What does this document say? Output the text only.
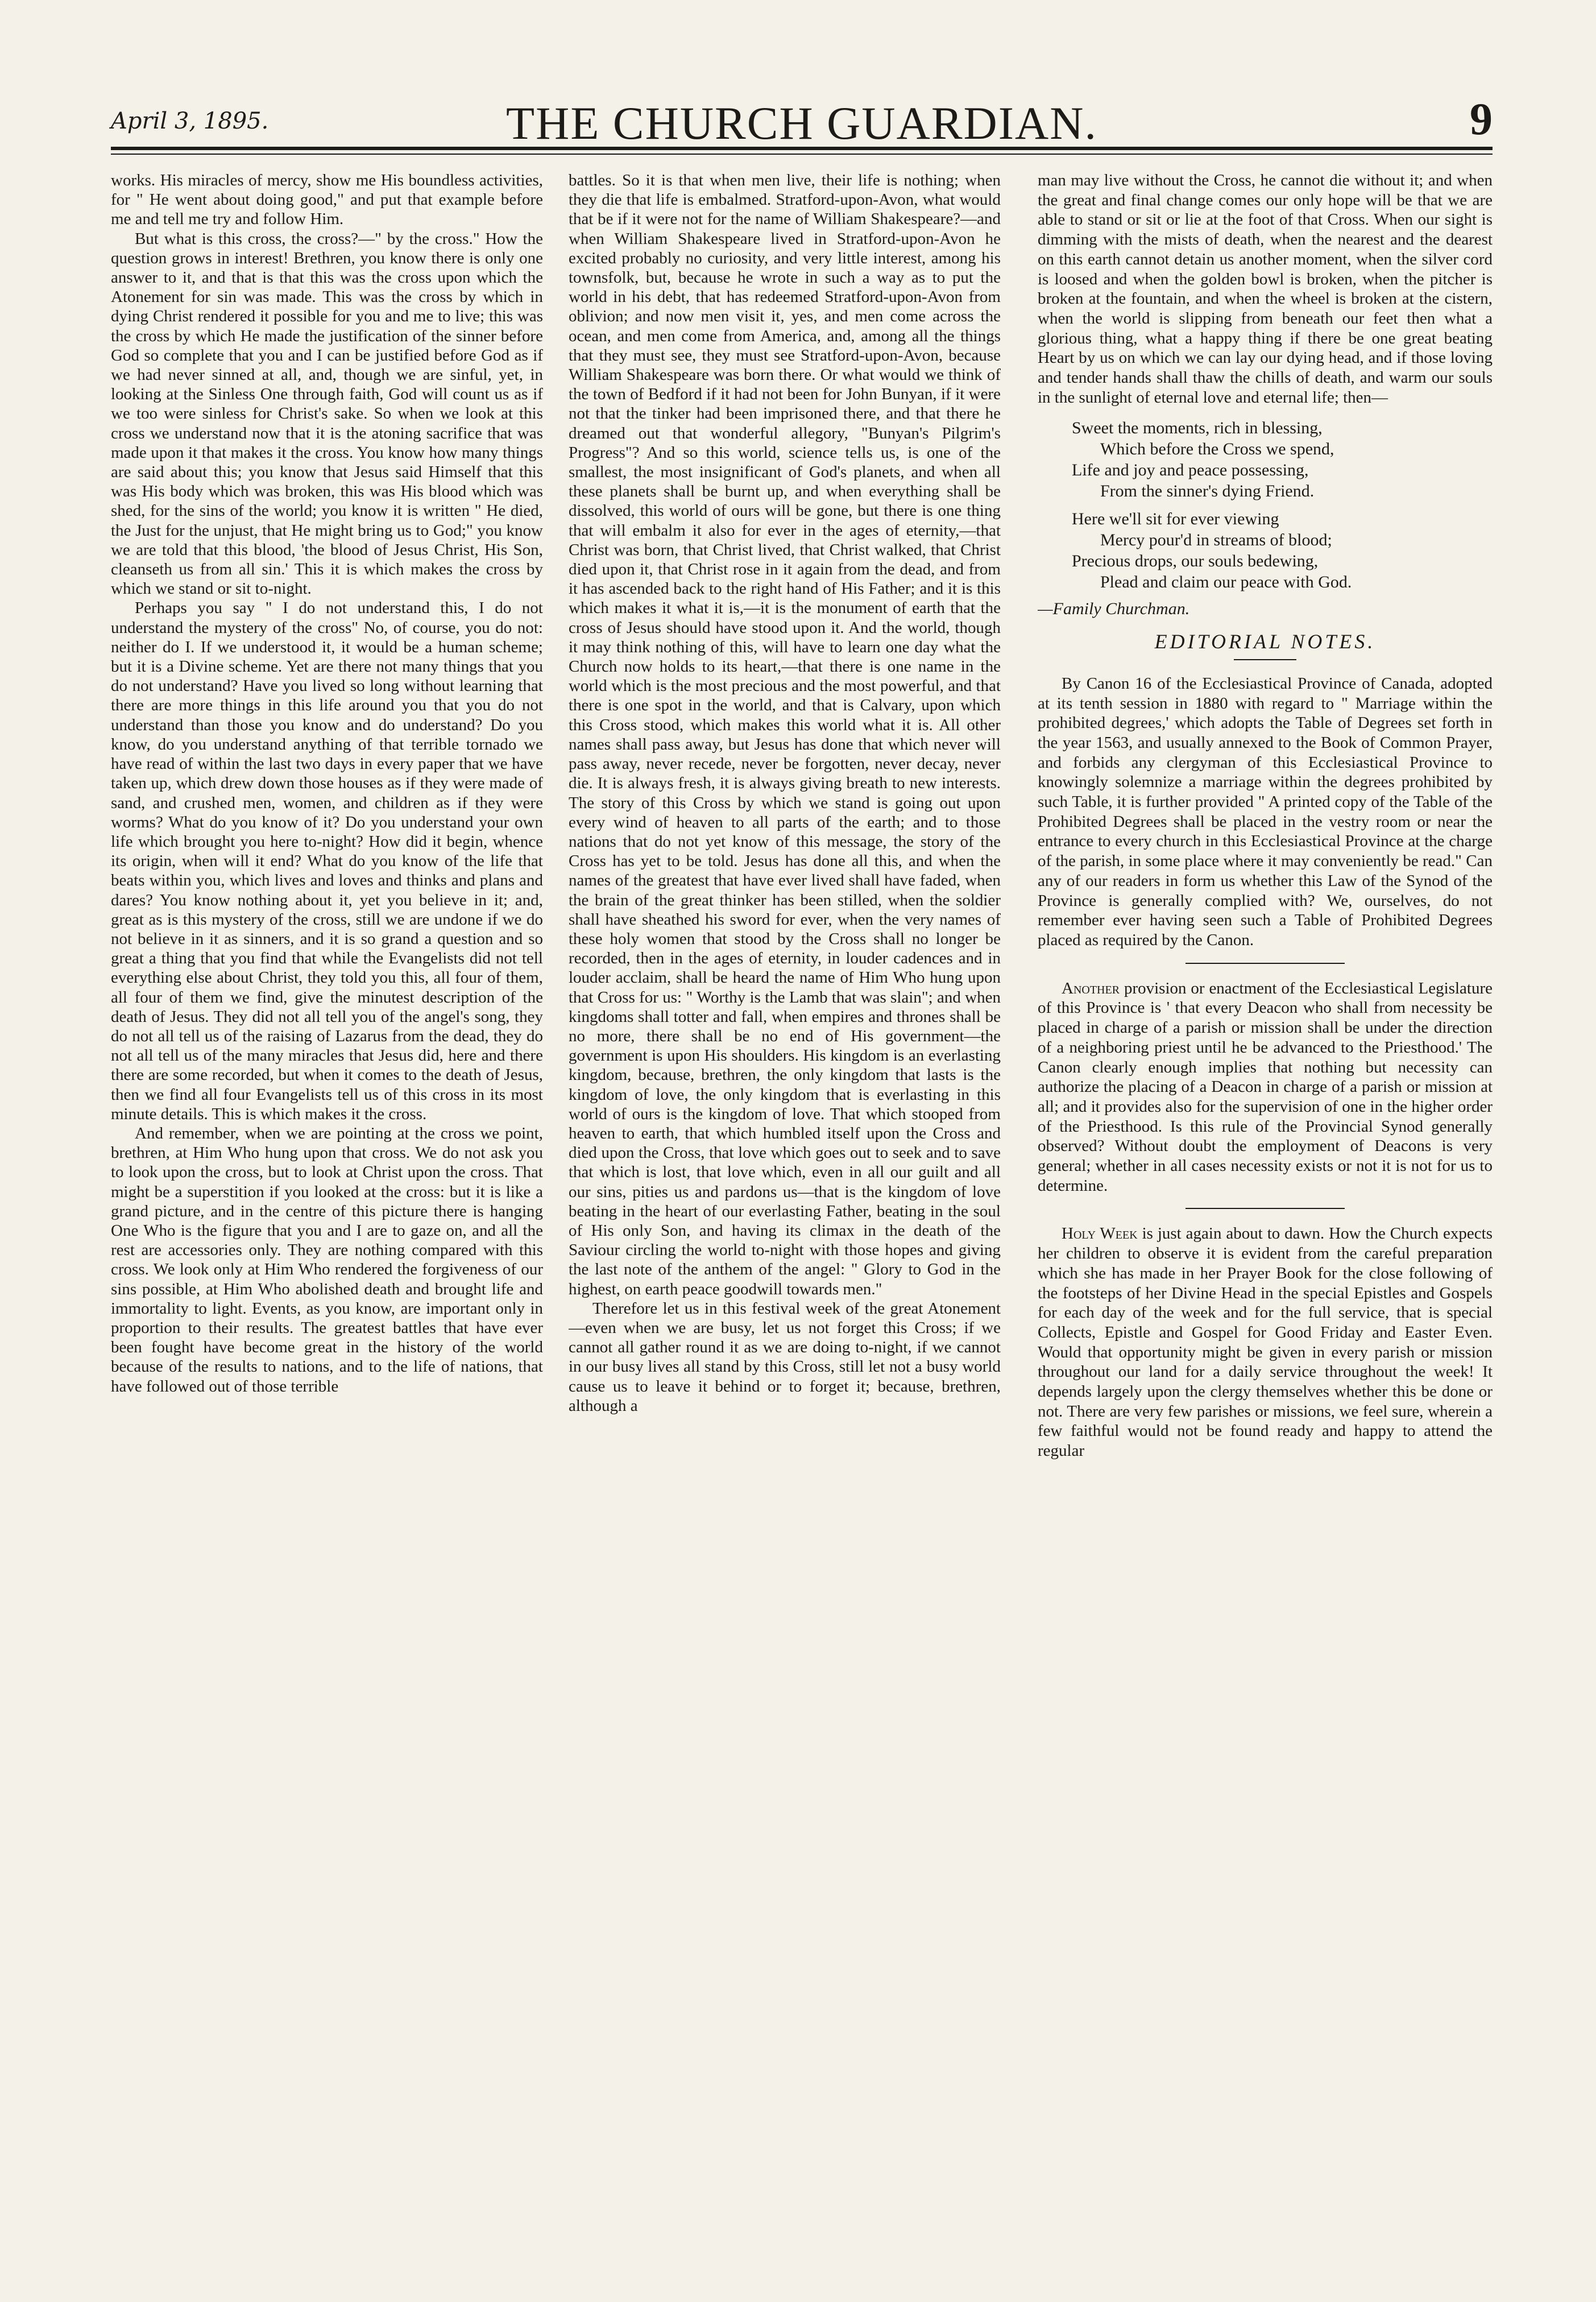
April 3, 1895.	THE CHURCH GUARDIAN.	9

works. His miracles of mercy, show me His boundless activities, for " He went about doing good," and put that example before me and tell me try and follow Him.

But what is this cross, the cross?—" by the cross." How the question grows in interest! Brethren, you know there is only one answer to it, and that is that this was the cross upon which the Atonement for sin was made. This was the cross by which in dying Christ rendered it possible for you and me to live; this was the cross by which He made the justification of the sinner before God so complete that you and I can be justified before God as if we had never sinned at all, and, though we are sinful, yet, in looking at the Sinless One through faith, God will count us as if we too were sinless for Christ's sake. So when we look at this cross we understand now that it is the atoning sacrifice that was made upon it that makes it the cross. You know how many things are said about this; you know that Jesus said Himself that this was His body which was broken, this was His blood which was shed, for the sins of the world; you know it is written " He died, the Just for the unjust, that He might bring us to God;" you know we are told that this blood, 'the blood of Jesus Christ, His Son, cleanseth us from all sin.' This it is which makes the cross by which we stand or sit to-night.

Perhaps you say " I do not understand this, I do not understand the mystery of the cross" No, of course, you do not: neither do I. If we understood it, it would be a human scheme; but it is a Divine scheme. Yet are there not many things that you do not understand? Have you lived so long without learning that there are more things in this life around you that you do not understand than those you know and do understand? Do you know, do you understand anything of that terrible tornado we have read of within the last two days in every paper that we have taken up, which drew down those houses as if they were made of sand, and crushed men, women, and children as if they were worms? What do you know of it? Do you understand your own life which brought you here to-night? How did it begin, whence its origin, when will it end? What do you know of the life that beats within you, which lives and loves and thinks and plans and dares? You know nothing about it, yet you believe in it; and, great as is this mystery of the cross, still we are undone if we do not believe in it as sinners, and it is so grand a question and so great a thing that you find that while the Evangelists did not tell everything else about Christ, they told you this, all four of them, all four of them we find, give the minutest description of the death of Jesus. They did not all tell you of the angel's song, they do not all tell us of the raising of Lazarus from the dead, they do not all tell us of the many miracles that Jesus did, here and there there are some recorded, but when it comes to the death of Jesus, then we find all four Evangelists tell us of this cross in its most minute details. This is which makes it the cross.

And remember, when we are pointing at the cross we point, brethren, at Him Who hung upon that cross. We do not ask you to look upon the cross, but to look at Christ upon the cross. That might be a superstition if you looked at the cross: but it is like a grand picture, and in the centre of this picture there is hanging One Who is the figure that you and I are to gaze on, and all the rest are accessories only. They are nothing compared with this cross. We look only at Him Who rendered the forgiveness of our sins possible, at Him Who abolished death and brought life and immortality to light. Events, as you know, are important only in proportion to their results. The greatest battles that have ever been fought have become great in the history of the world because of the results to nations, and to the life of nations, that have followed out of those terrible

battles. So it is that when men live, their life is nothing; when they die that life is embalmed. Stratford-upon-Avon, what would that be if it were not for the name of William Shakespeare?—and when William Shakespeare lived in Stratford-upon-Avon he excited probably no curiosity, and very little interest, among his townsfolk, but, because he wrote in such a way as to put the world in his debt, that has redeemed Stratford-upon-Avon from oblivion; and now men visit it, yes, and men come across the ocean, and men come from America, and, among all the things that they must see, they must see Stratford-upon-Avon, because William Shakespeare was born there. Or what would we think of the town of Bedford if it had not been for John Bunyan, if it were not that the tinker had been imprisoned there, and that there he dreamed out that wonderful allegory, "Bunyan's Pilgrim's Progress"? And so this world, science tells us, is one of the smallest, the most insignificant of God's planets, and when all these planets shall be burnt up, and when everything shall be dissolved, this world of ours will be gone, but there is one thing that will embalm it also for ever in the ages of eternity,—that Christ was born, that Christ lived, that Christ walked, that Christ died upon it, that Christ rose in it again from the dead, and from it has ascended back to the right hand of His Father; and it is this which makes it what it is,—it is the monument of earth that the cross of Jesus should have stood upon it. And the world, though it may think nothing of this, will have to learn one day what the Church now holds to its heart,—that there is one name in the world which is the most precious and the most powerful, and that there is one spot in the world, and that is Calvary, upon which this Cross stood, which makes this world what it is. All other names shall pass away, but Jesus has done that which never will pass away, never recede, never be forgotten, never decay, never die. It is always fresh, it is always giving breath to new interests. The story of this Cross by which we stand is going out upon every wind of heaven to all parts of the earth; and to those nations that do not yet know of this message, the story of the Cross has yet to be told. Jesus has done all this, and when the names of the greatest that have ever lived shall have faded, when the brain of the great thinker has been stilled, when the soldier shall have sheathed his sword for ever, when the very names of these holy women that stood by the Cross shall no longer be recorded, then in the ages of eternity, in louder cadences and in louder acclaim, shall be heard the name of Him Who hung upon that Cross for us: " Worthy is the Lamb that was slain"; and when kingdoms shall totter and fall, when empires and thrones shall be no more, there shall be no end of His government—the government is upon His shoulders. His kingdom is an everlasting kingdom, because, brethren, the only kingdom that lasts is the kingdom of love, the only kingdom that is everlasting in this world of ours is the kingdom of love. That which stooped from heaven to earth, that which humbled itself upon the Cross and died upon the Cross, that love which goes out to seek and to save that which is lost, that love which, even in all our guilt and all our sins, pities us and pardons us—that is the kingdom of love beating in the heart of our everlasting Father, beating in the soul of His only Son, and having its climax in the death of the Saviour circling the world to-night with those hopes and giving the last note of the anthem of the angel: " Glory to God in the highest, on earth peace goodwill towards men."

Therefore let us in this festival week of the great Atonement—even when we are busy, let us not forget this Cross; if we cannot all gather round it as we are doing to-night, if we cannot in our busy lives all stand by this Cross, still let not a busy world cause us to leave it behind or to forget it; because, brethren, although a

man may live without the Cross, he cannot die without it; and when the great and final change comes our only hope will be that we are able to stand or sit or lie at the foot of that Cross. When our sight is dimming with the mists of death, when the nearest and the dearest on this earth cannot detain us another moment, when the silver cord is loosed and when the golden bowl is broken, when the pitcher is broken at the fountain, and when the wheel is broken at the cistern, when the world is slipping from beneath our feet then what a glorious thing, what a happy thing if there be one great beating Heart by us on which we can lay our dying head, and if those loving and tender hands shall thaw the chills of death, and warm our souls in the sunlight of eternal love and eternal life; then—

Sweet the moments, rich in blessing,
Which before the Cross we spend,
Life and joy and peace possessing,
From the sinner's dying Friend.
Here we'll sit for ever viewing
Mercy pour'd in streams of blood;
Precious drops, our souls bedewing,
Plead and claim our peace with God.
—Family Churchman.
EDITORIAL NOTES.

By Canon 16 of the Ecclesiastical Province of Canada, adopted at its tenth session in 1880 with regard to " Marriage within the prohibited degrees,' which adopts the Table of Degrees set forth in the year 1563, and usually annexed to the Book of Common Prayer, and forbids any clergyman of this Ecclesiastical Province to knowingly solemnize a marriage within the degrees prohibited by such Table, it is further provided " A printed copy of the Table of the Prohibited Degrees shall be placed in the vestry room or near the entrance to every church in this Ecclesiastical Province at the charge of the parish, in some place where it may conveniently be read." Can any of our readers in form us whether this Law of the Synod of the Province is generally complied with? We, ourselves, do not remember ever having seen such a Table of Prohibited Degrees placed as required by the Canon.

Another provision or enactment of the Ecclesiastical Legislature of this Province is ' that every Deacon who shall from necessity be placed in charge of a parish or mission shall be under the direction of a neighboring priest until he be advanced to the Priesthood.' The Canon clearly enough implies that nothing but necessity can authorize the placing of a Deacon in charge of a parish or mission at all; and it provides also for the supervision of one in the higher order of the Priesthood. Is this rule of the Provincial Synod generally observed? Without doubt the employment of Deacons is very general; whether in all cases necessity exists or not it is not for us to determine.

Holy Week is just again about to dawn. How the Church expects her children to observe it is evident from the careful preparation which she has made in her Prayer Book for the close following of the footsteps of her Divine Head in the special Epistles and Gospels for each day of the week and for the full service, that is special Collects, Epistle and Gospel for Good Friday and Easter Even. Would that opportunity might be given in every parish or mission throughout our land for a daily service throughout the week! It depends largely upon the clergy themselves whether this be done or not. There are very few parishes or missions, we feel sure, wherein a few faithful would not be found ready and happy to attend the regular
